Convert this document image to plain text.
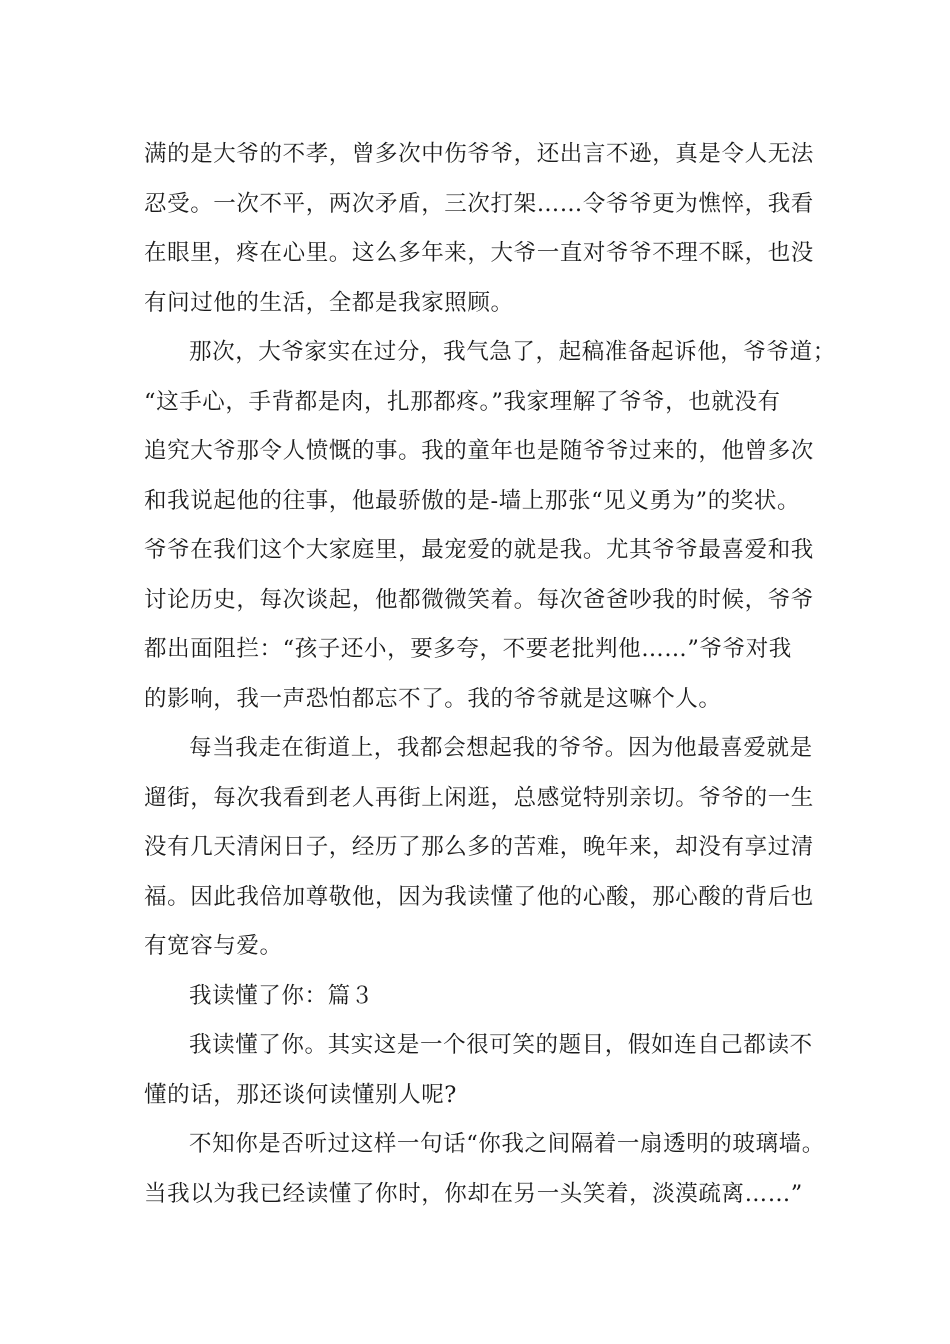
满的是大爷的不孝，曾多次中伤爷爷，还出言不逊，真是令人无法
忍受。一次不平，两次矛盾，三次打架……令爷爷更为憔悴，我看
在眼里，疼在心里。这么多年来，大爷一直对爷爷不理不睬，也没
有问过他的生活，全都是我家照顾。
那次，大爷家实在过分，我气急了，起稿准备起诉他，爷爷道；
“这手心，手背都是肉，扎那都疼。”我家理解了爷爷，也就没有
追究大爷那令人愤慨的事。我的童年也是随爷爷过来的，他曾多次
和我说起他的往事，他最骄傲的是-墙上那张“见义勇为”的奖状。
爷爷在我们这个大家庭里，最宠爱的就是我。尤其爷爷最喜爱和我
讨论历史，每次谈起，他都微微笑着。每次爸爸吵我的时候，爷爷
都出面阻拦：“孩子还小，要多夸，不要老批判他……”爷爷对我
的影响，我一声恐怕都忘不了。我的爷爷就是这嘛个人。
每当我走在街道上，我都会想起我的爷爷。因为他最喜爱就是
遛街，每次我看到老人再街上闲逛，总感觉特别亲切。爷爷的一生
没有几天清闲日子，经历了那么多的苦难，晚年来，却没有享过清
福。因此我倍加尊敬他，因为我读懂了他的心酸，那心酸的背后也
有宽容与爱。
我读懂了你：篇３
我读懂了你。其实这是一个很可笑的题目，假如连自己都读不
懂的话，那还谈何读懂别人呢?
不知你是否听过这样一句话“你我之间隔着一扇透明的玻璃墙。
当我以为我已经读懂了你时，你却在另一头笑着，淡漠疏离……”
